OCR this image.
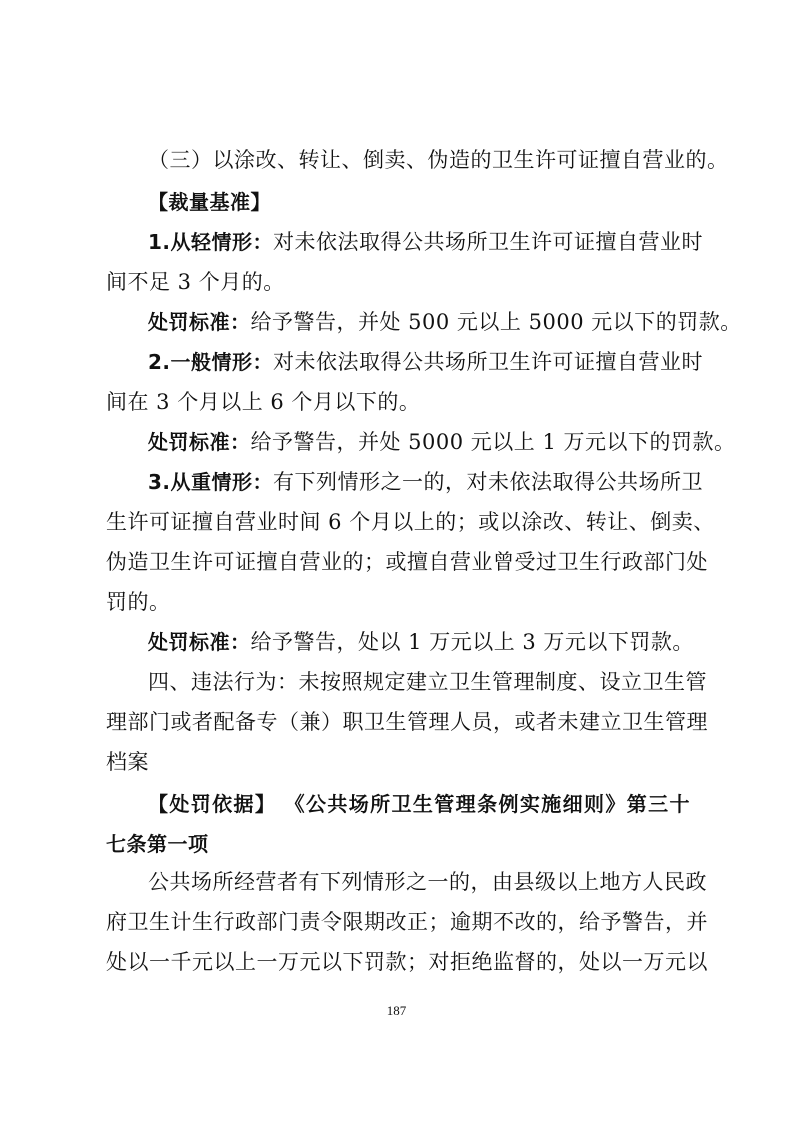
（三）以涂改、转让、倒卖、伪造的卫生许可证擅自营业的。
【裁量基准】
1.从轻情形：对未依法取得公共场所卫生许可证擅自营业时
间不足 3 个月的。
处罚标准：给予警告，并处 500 元以上 5000 元以下的罚款。
2.一般情形：对未依法取得公共场所卫生许可证擅自营业时
间在 3 个月以上 6 个月以下的。
处罚标准：给予警告，并处 5000 元以上 1 万元以下的罚款。
3.从重情形：有下列情形之一的，对未依法取得公共场所卫
生许可证擅自营业时间 6 个月以上的；或以涂改、转让、倒卖、
伪造卫生许可证擅自营业的；或擅自营业曾受过卫生行政部门处
罚的。
处罚标准：给予警告，处以 1 万元以上 3 万元以下罚款。
四、违法行为：未按照规定建立卫生管理制度、设立卫生管
理部门或者配备专（兼）职卫生管理人员，或者未建立卫生管理
档案
【处罚依据】 《公共场所卫生管理条例实施细则》第三十
七条第一项
公共场所经营者有下列情形之一的，由县级以上地方人民政
府卫生计生行政部门责令限期改正；逾期不改的，给予警告，并
处以一千元以上一万元以下罚款；对拒绝监督的，处以一万元以
187
